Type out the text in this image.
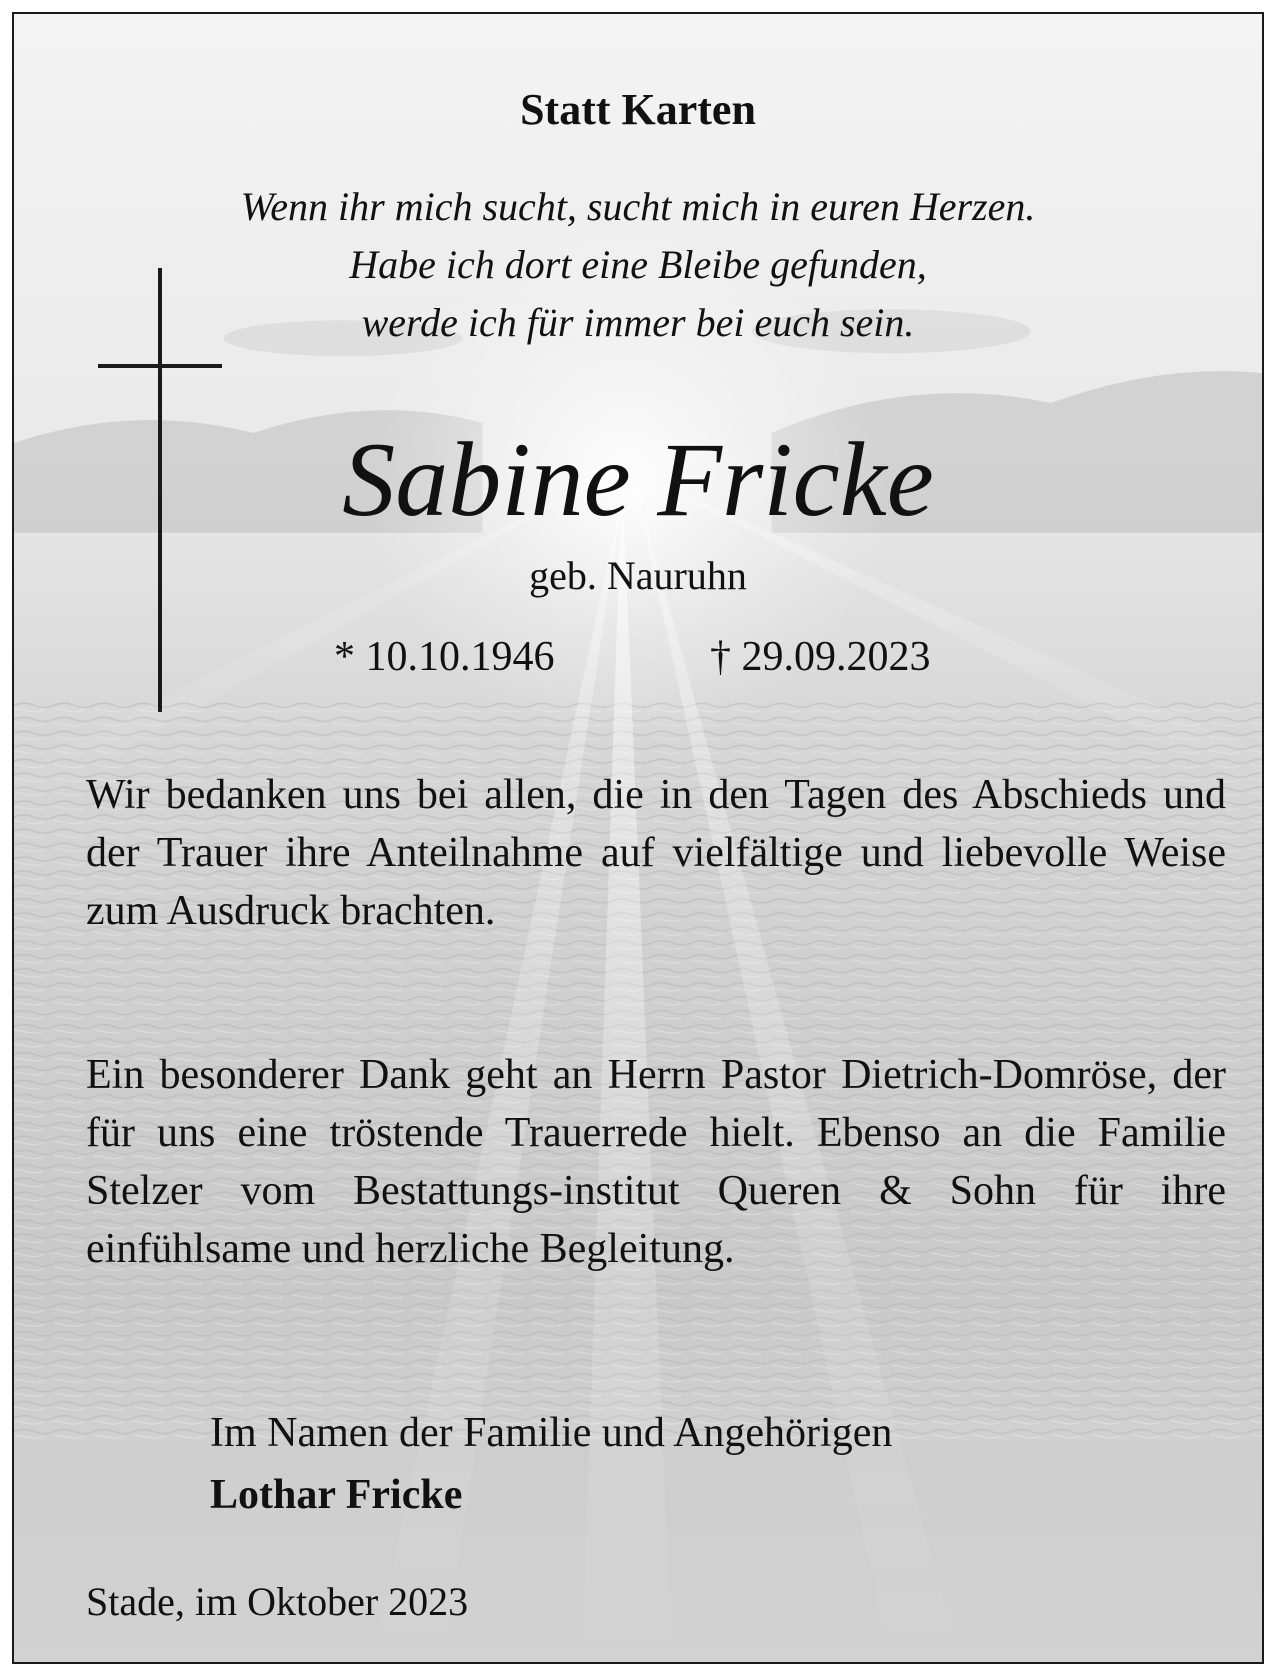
Statt Karten
Wenn ihr mich sucht, sucht mich in euren Herzen.
Habe ich dort eine Bleibe gefunden,
werde ich für immer bei euch sein.
Sabine Fricke
geb. Nauruhn
* 10.10.1946	† 29.09.2023

Wir bedanken uns bei allen, die in den Tagen des Abschieds und der Trauer ihre Anteilnahme auf vielfältige und liebevolle Weise zum Ausdruck brachten.

Ein besonderer Dank geht an Herrn Pastor Dietrich-Domröse, der für uns eine tröstende Trauerrede hielt. Ebenso an die Familie Stelzer vom Bestattungs-institut Queren & Sohn für ihre einfühlsame und herzliche Begleitung.

Im Namen der Familie und Angehörigen
Lothar Fricke
Stade, im Oktober 2023
